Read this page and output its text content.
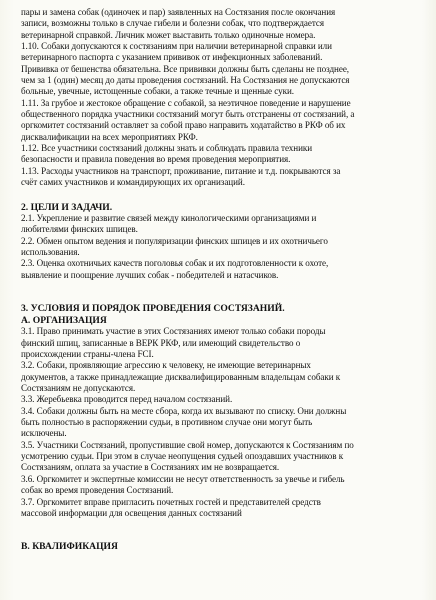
пары и замена собак (одиночек и пар) заявленных на Состязания после окончания

записи, возможны только в случае гибели и болезни собак, что подтверждается

ветеринарной справкой. Личник может выставить только одиночные номера.

1.10. Собаки допускаются к состязаниям при наличии ветеринарной справки или

ветеринарного паспорта с указанием прививок от инфекционных заболеваний.

Прививка от бешенства обязательна. Все прививки должны быть сделаны не позднее,

чем за 1 (один) месяц до даты проведения состязаний. На Состязания не допускаются

больные, увечные, истощенные собаки, а также течные и щенные суки.

1.11. За грубое и жестокое обращение с собакой, за неэтичное поведение и нарушение

общественного порядка участники состязаний могут быть отстранены от состязаний, а

оргкомитет состязаний оставляет за собой право направить ходатайство в РКФ об их

дисквалификации на всех мероприятиях РКФ.

1.12. Все участники состязаний должны знать и соблюдать правила техники

безопасности и правила поведения во время проведения мероприятия.

1.13. Расходы участников на транспорт, проживание, питание и т.д. покрываются за

счёт самих участников и командирующих их организаций.

2. ЦЕЛИ И ЗАДАЧИ.

2.1. Укрепление и развитие связей между кинологическими организациями и

любителями финских шпицев.

2.2. Обмен опытом ведения и популяризации финских шпицев и их охотничьего

использования.

2.3. Оценка охотничьих качеств поголовья собак и их подготовленности к охоте,

выявление и поощрение лучших собак - победителей и натасчиков.

3. УСЛОВИЯ И ПОРЯДОК ПРОВЕДЕНИЯ СОСТЯЗАНИЙ.
А. ОРГАНИЗАЦИЯ

3.1. Право принимать участие в этих Состязаниях имеют только собаки породы

финский шпиц, записанные в ВЕРК РКФ, или имеющий свидетельство о

происхождении страны-члена FCI.

3.2. Собаки, проявляющие агрессию к человеку, не имеющие ветеринарных

документов, а также принадлежащие дисквалифицированным владельцам собаки к

Состязаниям не допускаются.

3.3. Жеребьевка проводится перед началом состязаний.

3.4. Собаки должны быть на месте сбора, когда их вызывают по списку. Они должны

быть полностью в распоряжении судьи, в противном случае они могут быть

исключены.

3.5. Участники Состязаний, пропустившие свой номер, допускаются к Состязаниям по

усмотрению судьи. При этом в случае неопущения судьей опоздавших участников к

Состязаниям, оплата за участие в Состязаниях им не возвращается.

3.6. Оргкомитет и экспертные комиссии не несут ответственность за увечье и гибель

собак во время проведения Состязаний.

3.7. Оргкомитет вправе пригласить почетных гостей и представителей средств

массовой информации для освещения данных состязаний

В. КВАЛИФИКАЦИЯ
